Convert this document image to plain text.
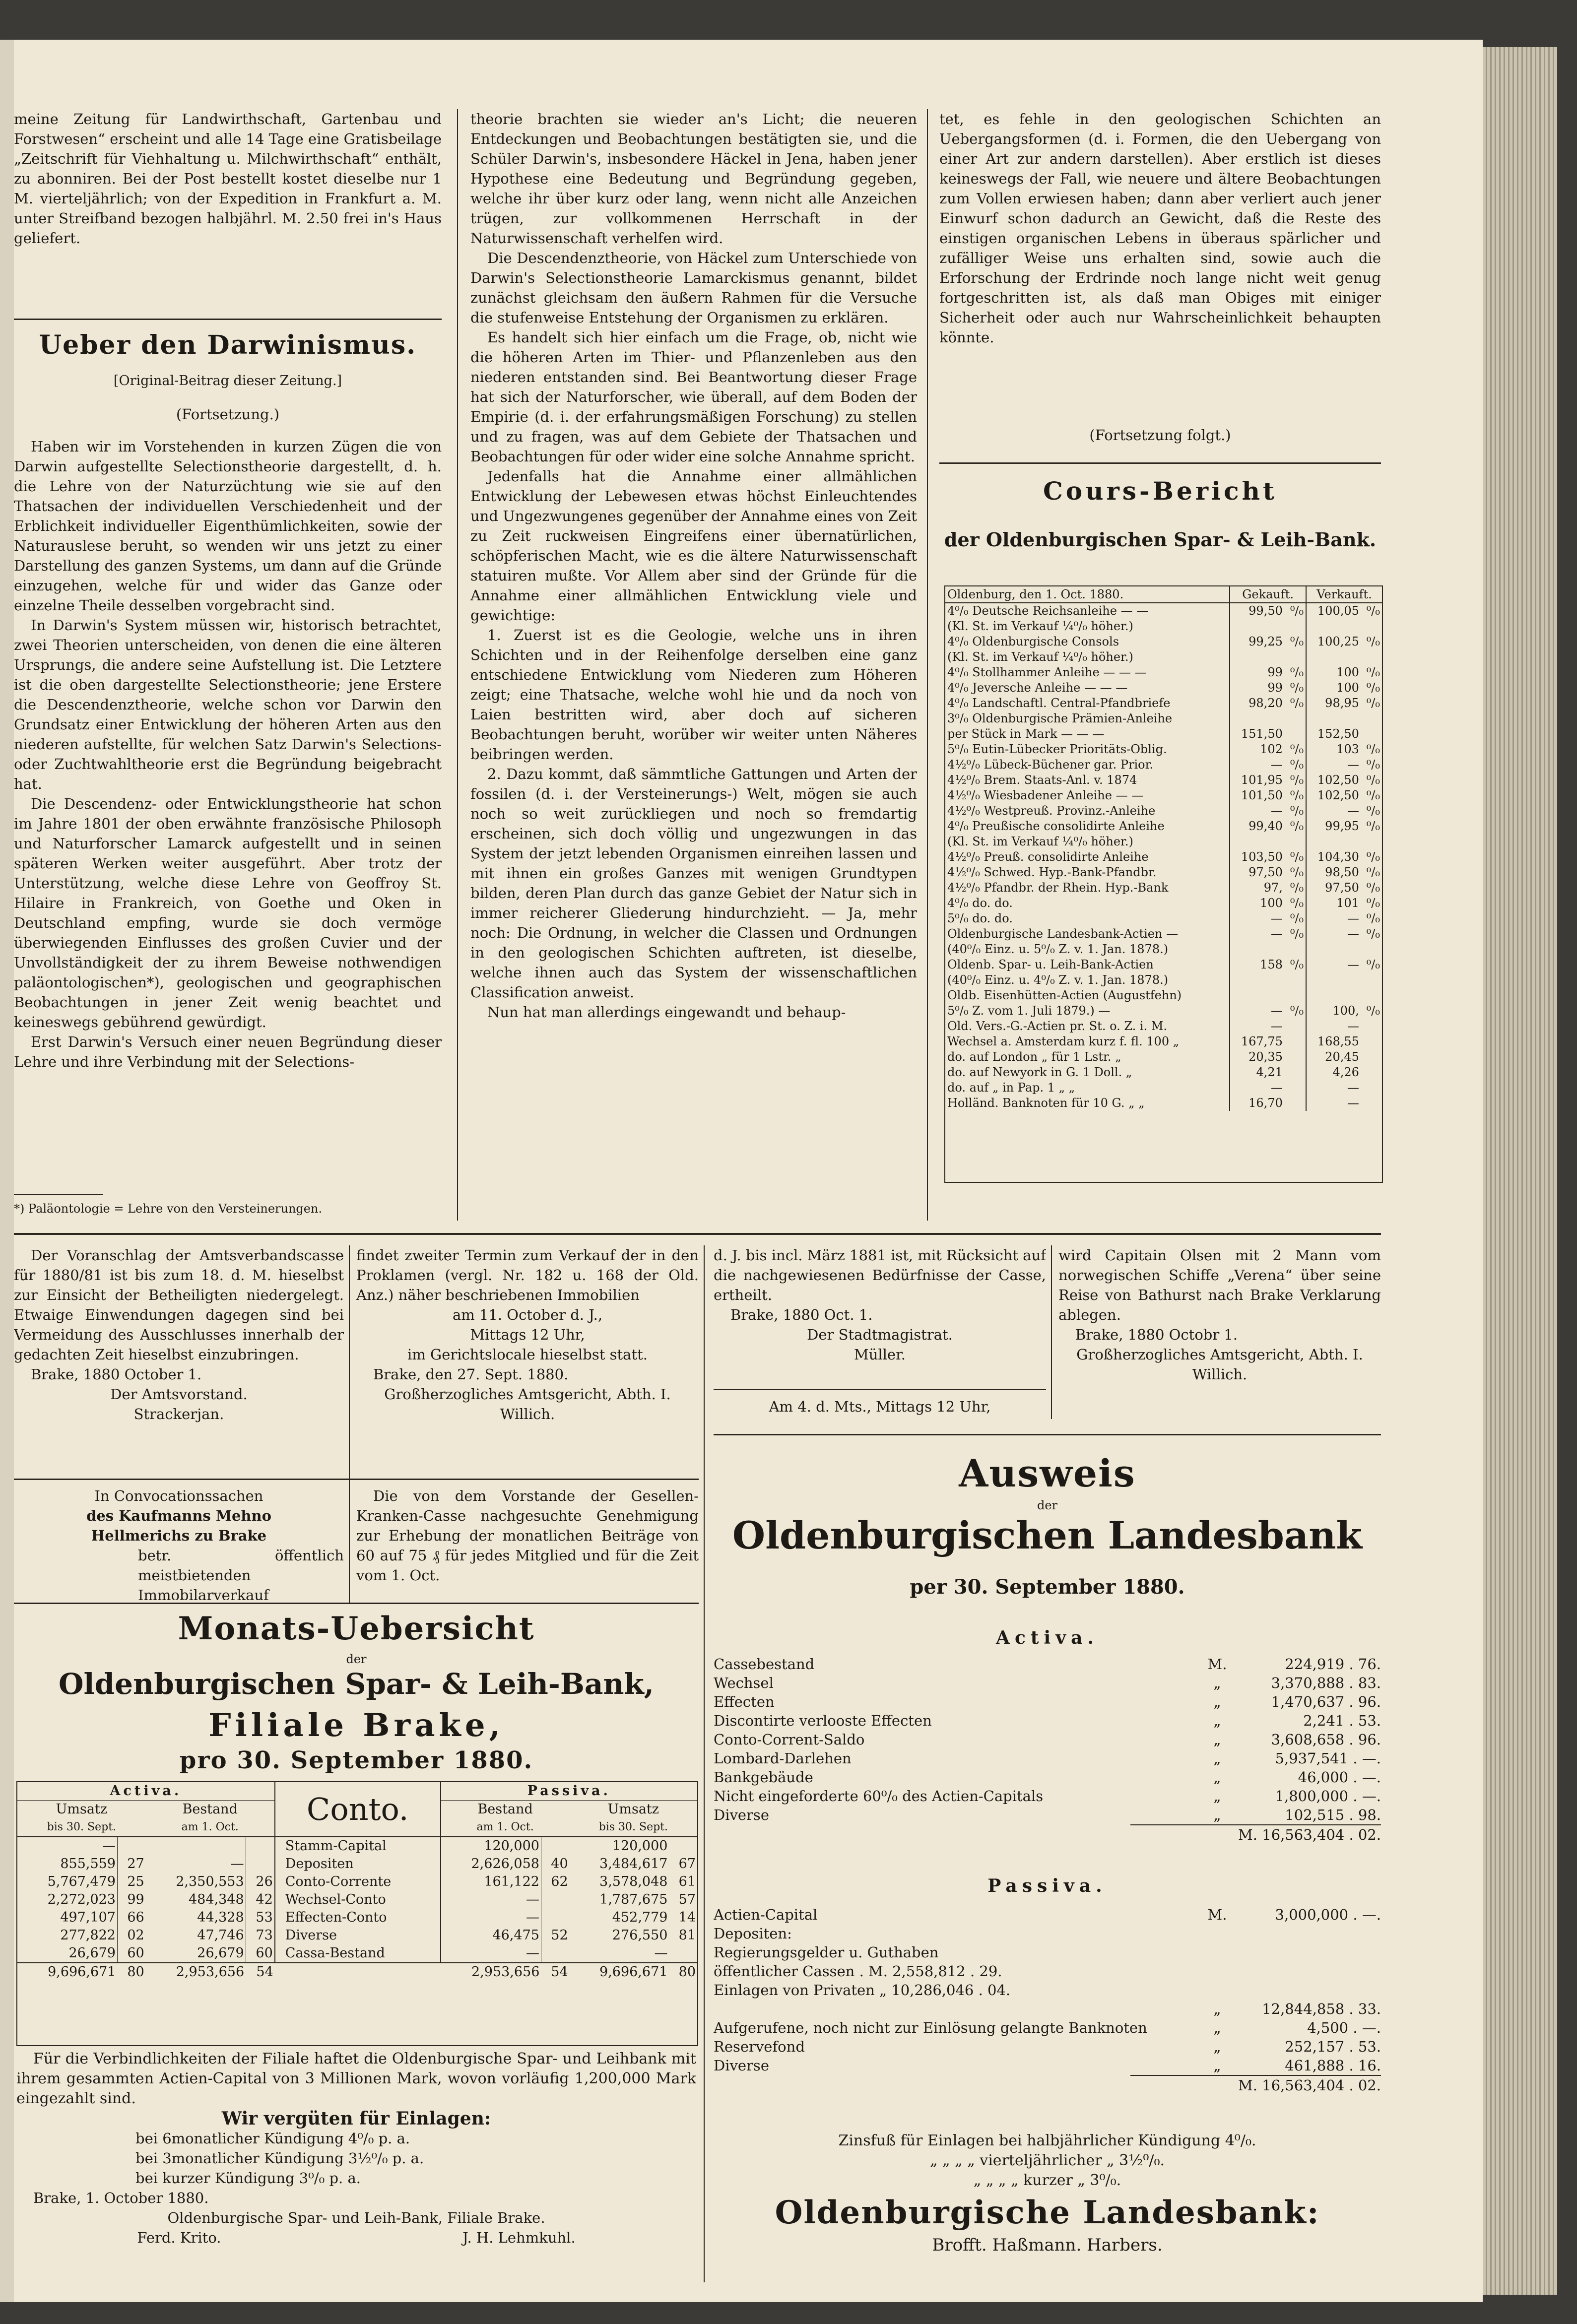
meine Zeitung für Landwirthschaft, Gartenbau und Forstwesen“ erscheint und alle 14 Tage eine Gratisbeilage „Zeitschrift für Viehhaltung u. Milchwirthschaft“ enthält, zu abonniren. Bei der Post bestellt kostet dieselbe nur 1 M. vierteljährlich; von der Expedition in Frankfurt a. M. unter Streifband bezogen halbjährl. M. 2.50 frei in's Haus geliefert.

Ueber den Darwinismus.
[Original-Beitrag dieser Zeitung.]
(Fortsetzung.)

Haben wir im Vorstehenden in kurzen Zügen die von Darwin aufgestellte Selectionstheorie dargestellt, d. h. die Lehre von der Naturzüchtung wie sie auf den Thatsachen der individuellen Verschiedenheit und der Erblichkeit individueller Eigenthümlichkeiten, sowie der Naturauslese beruht, so wenden wir uns jetzt zu einer Darstellung des ganzen Systems, um dann auf die Gründe einzugehen, welche für und wider das Ganze oder einzelne Theile desselben vorgebracht sind.

In Darwin's System müssen wir, historisch betrachtet, zwei Theorien unterscheiden, von denen die eine älteren Ursprungs, die andere seine Aufstellung ist. Die Letztere ist die oben dargestellte Selectionstheorie; jene Erstere die Descendenztheorie, welche schon vor Darwin den Grundsatz einer Entwicklung der höheren Arten aus den niederen aufstellte, für welchen Satz Darwin's Selections- oder Zuchtwahltheorie erst die Begründung beigebracht hat.

Die Descendenz- oder Entwicklungstheorie hat schon im Jahre 1801 der oben erwähnte französische Philosoph und Naturforscher Lamarck aufgestellt und in seinen späteren Werken weiter ausgeführt. Aber trotz der Unterstützung, welche diese Lehre von Geoffroy St. Hilaire in Frankreich, von Goethe und Oken in Deutschland empfing, wurde sie doch vermöge überwiegenden Einflusses des großen Cuvier und der Unvollständigkeit der zu ihrem Beweise nothwendigen paläontologischen*), geologischen und geographischen Beobachtungen in jener Zeit wenig beachtet und keineswegs gebührend gewürdigt.

Erst Darwin's Versuch einer neuen Begründung dieser Lehre und ihre Verbindung mit der Selections-

*) Paläontologie = Lehre von den Versteinerungen.

theorie brachten sie wieder an's Licht; die neueren Entdeckungen und Beobachtungen bestätigten sie, und die Schüler Darwin's, insbesondere Häckel in Jena, haben jener Hypothese eine Bedeutung und Begründung gegeben, welche ihr über kurz oder lang, wenn nicht alle Anzeichen trügen, zur vollkommenen Herrschaft in der Naturwissenschaft verhelfen wird.

Die Descendenztheorie, von Häckel zum Unterschiede von Darwin's Selectionstheorie Lamarckismus genannt, bildet zunächst gleichsam den äußern Rahmen für die Versuche die stufenweise Entstehung der Organismen zu erklären.

Es handelt sich hier einfach um die Frage, ob, nicht wie die höheren Arten im Thier- und Pflanzenleben aus den niederen entstanden sind. Bei Beantwortung dieser Frage hat sich der Naturforscher, wie überall, auf dem Boden der Empirie (d. i. der erfahrungsmäßigen Forschung) zu stellen und zu fragen, was auf dem Gebiete der Thatsachen und Beobachtungen für oder wider eine solche Annahme spricht.

Jedenfalls hat die Annahme einer allmählichen Entwicklung der Lebewesen etwas höchst Einleuchtendes und Ungezwungenes gegenüber der Annahme eines von Zeit zu Zeit ruckweisen Eingreifens einer übernatürlichen, schöpferischen Macht, wie es die ältere Naturwissenschaft statuiren mußte. Vor Allem aber sind der Gründe für die Annahme einer allmählichen Entwicklung viele und gewichtige:

1. Zuerst ist es die Geologie, welche uns in ihren Schichten und in der Reihenfolge derselben eine ganz entschiedene Entwicklung vom Niederen zum Höheren zeigt; eine Thatsache, welche wohl hie und da noch von Laien bestritten wird, aber doch auf sicheren Beobachtungen beruht, worüber wir weiter unten Näheres beibringen werden.

2. Dazu kommt, daß sämmtliche Gattungen und Arten der fossilen (d. i. der Versteinerungs-) Welt, mögen sie auch noch so weit zurückliegen und noch so fremdartig erscheinen, sich doch völlig und ungezwungen in das System der jetzt lebenden Organismen einreihen lassen und mit ihnen ein großes Ganzes mit wenigen Grundtypen bilden, deren Plan durch das ganze Gebiet der Natur sich in immer reicherer Gliederung hindurchzieht. — Ja, mehr noch: Die Ordnung, in welcher die Classen und Ordnungen in den geologischen Schichten auftreten, ist dieselbe, welche ihnen auch das System der wissenschaftlichen Classification anweist.

Nun hat man allerdings eingewandt und behaup-

tet, es fehle in den geologischen Schichten an Uebergangsformen (d. i. Formen, die den Uebergang von einer Art zur andern darstellen). Aber erstlich ist dieses keineswegs der Fall, wie neuere und ältere Beobachtungen zum Vollen erwiesen haben; dann aber verliert auch jener Einwurf schon dadurch an Gewicht, daß die Reste des einstigen organischen Lebens in überaus spärlicher und zufälliger Weise uns erhalten sind, sowie auch die Erforschung der Erdrinde noch lange nicht weit genug fortgeschritten ist, als daß man Obiges mit einiger Sicherheit oder auch nur Wahrscheinlichkeit behaupten könnte.

(Fortsetzung folgt.)
Cours-Bericht
der Oldenburgischen Spar- & Leih-Bank.
Oldenburg, den 1. Oct. 1880.	Gekauft.		Verkauft.	
4⁰/₀ Deutsche Reichsanleihe — —	99,50	⁰/₀	100,05	⁰/₀
(Kl. St. im Verkauf ¼⁰/₀ höher.)				
4⁰/₀ Oldenburgische Consols	99,25	⁰/₀	100,25	⁰/₀
(Kl. St. im Verkauf ¼⁰/₀ höher.)				
4⁰/₀ Stollhammer Anleihe — — —	99	⁰/₀	100	⁰/₀
4⁰/₀ Jeversche Anleihe — — —	99	⁰/₀	100	⁰/₀
4⁰/₀ Landschaftl. Central-Pfandbriefe	98,20	⁰/₀	98,95	⁰/₀
3⁰/₀ Oldenburgische Prämien-Anleihe				
per Stück in Mark — — —	151,50		152,50	
5⁰/₀ Eutin-Lübecker Prioritäts-Oblig.	102	⁰/₀	103	⁰/₀
4½⁰/₀ Lübeck-Büchener gar. Prior.	—	⁰/₀	—	⁰/₀
4½⁰/₀ Brem. Staats-Anl. v. 1874	101,95	⁰/₀	102,50	⁰/₀
4½⁰/₀ Wiesbadener Anleihe — —	101,50	⁰/₀	102,50	⁰/₀
4½⁰/₀ Westpreuß. Provinz.-Anleihe	—	⁰/₀	—	⁰/₀
4⁰/₀ Preußische consolidirte Anleihe	99,40	⁰/₀	99,95	⁰/₀
(Kl. St. im Verkauf ¼⁰/₀ höher.)				
4½⁰/₀ Preuß. consolidirte Anleihe	103,50	⁰/₀	104,30	⁰/₀
4½⁰/₀ Schwed. Hyp.-Bank-Pfandbr.	97,50	⁰/₀	98,50	⁰/₀
4½⁰/₀ Pfandbr. der Rhein. Hyp.-Bank	97,	⁰/₀	97,50	⁰/₀
4⁰/₀ do. do.	100	⁰/₀	101	⁰/₀
5⁰/₀ do. do.	—	⁰/₀	—	⁰/₀
Oldenburgische Landesbank-Actien —	—	⁰/₀	—	⁰/₀
(40⁰/₀ Einz. u. 5⁰/₀ Z. v. 1. Jan. 1878.)				
Oldenb. Spar- u. Leih-Bank-Actien	158	⁰/₀	—	⁰/₀
(40⁰/₀ Einz. u. 4⁰/₀ Z. v. 1. Jan. 1878.)				
Oldb. Eisenhütten-Actien (Augustfehn)				
5⁰/₀ Z. vom 1. Juli 1879.) —	—	⁰/₀	100,	⁰/₀
Old. Vers.-G.-Actien pr. St. o. Z. i. M.	—		—	
Wechsel a. Amsterdam kurz f. fl. 100 „	167,75		168,55	
do. auf London „ für 1 Lstr. „	20,35		20,45	
do. auf Newyork in G. 1 Doll. „	4,21		4,26	
do. auf „ in Pap. 1 „ „	—		—	
Holländ. Banknoten für 10 G. „ „	16,70		—	

Der Voranschlag der Amtsverbandscasse für 1880/81 ist bis zum 18. d. M. hieselbst zur Einsicht der Betheiligten niedergelegt. Etwaige Einwendungen dagegen sind bei Vermeidung des Ausschlusses innerhalb der gedachten Zeit hieselbst einzubringen.

Brake, 1880 October 1.

Der Amtsvorstand.
Strackerjan.

findet zweiter Termin zum Verkauf der in den Proklamen (vergl. Nr. 182 u. 168 der Old. Anz.) näher beschriebenen Immobilien

am 11. October d. J.,
Mittags 12 Uhr,
im Gerichtslocale hieselbst statt.

Brake, den 27. Sept. 1880.

Großherzogliches Amtsgericht, Abth. I.
Willich.

d. J. bis incl. März 1881 ist, mit Rücksicht auf die nachgewiesenen Bedürfnisse der Casse, ertheilt.

Brake, 1880 Oct. 1.

Der Stadtmagistrat.
Müller.
Am 4. d. Mts., Mittags 12 Uhr,

wird Capitain Olsen mit 2 Mann vom norwegischen Schiffe „Verena“ über seine Reise von Bathurst nach Brake Verklarung ablegen.

Brake, 1880 Octobr 1.

Großherzogliches Amtsgericht, Abth. I.
Willich.
In Convocationssachen
des Kaufmanns Mehno
Hellmerichs zu Brake
betr. öffentlich meistbietenden Immobilarverkauf

Die von dem Vorstande der Gesellen-Kranken-Casse nachgesuchte Genehmigung zur Erhebung der monatlichen Beiträge von 60 auf 75 ₰ für jedes Mitglied und für die Zeit vom 1. Oct.

Monats-Uebersicht
der
Oldenburgischen Spar- & Leih-Bank,
Filiale Brake,
pro 30. September 1880.
Activa.				Conto.	Passiva.			
Umsatz		Bestand			Bestand		Umsatz	
bis 30. Sept.		am 1. Oct.			am 1. Oct.		bis 30. Sept.	
—				Stamm-Capital	120,000		120,000	
855,559	27	—		Depositen	2,626,058	40	3,484,617	67
5,767,479	25	2,350,553	26	Conto-Corrente	161,122	62	3,578,048	61
2,272,023	99	484,348	42	Wechsel-Conto	—		1,787,675	57
497,107	66	44,328	53	Effecten-Conto	—		452,779	14
277,822	02	47,746	73	Diverse	46,475	52	276,550	81
26,679	60	26,679	60	Cassa-Bestand	—		—	
9,696,671	80	2,953,656	54		2,953,656	54	9,696,671	80

Für die Verbindlichkeiten der Filiale haftet die Oldenburgische Spar- und Leihbank mit ihrem gesammten Actien-Capital von 3 Millionen Mark, wovon vorläufig 1,200,000 Mark eingezahlt sind.

Wir vergüten für Einlagen:
bei 6monatlicher Kündigung 4⁰/₀ p. a.
bei 3monatlicher Kündigung 3½⁰/₀ p. a.
bei kurzer Kündigung 3⁰/₀ p. a.

Brake, 1. October 1880.

Oldenburgische Spar- und Leih-Bank, Filiale Brake.
Ferd. Krito.	J. H. Lehmkuhl.
Ausweis
der
Oldenburgischen Landesbank
per 30. September 1880.
Activa.
Cassebestand	M.	224,919 . 76.
Wechsel	„	3,370,888 . 83.
Effecten	„	1,470,637 . 96.
Discontirte verlooste Effecten	„	2,241 . 53.
Conto-Corrent-Saldo	„	3,608,658 . 96.
Lombard-Darlehen	„	5,937,541 . —.
Bankgebäude	„	46,000 . —.
Nicht eingeforderte 60⁰/₀ des Actien-Capitals	„	1,800,000 . —.
Diverse	„	102,515 . 98.
M. 16,563,404 . 02.
Passiva.
Actien-Capital	M.	3,000,000 . —.
Depositen:
Regierungsgelder u. Guthaben
öffentlicher Cassen . M. 2,558,812 . 29.
Einlagen von Privaten „ 10,286,046 . 04.
„	12,844,858 . 33.
Aufgerufene, noch nicht zur Einlösung gelangte Banknoten	„	4,500 . —.
Reservefond	„	252,157 . 53.
Diverse	„	461,888 . 16.
M. 16,563,404 . 02.
Zinsfuß für Einlagen bei halbjährlicher Kündigung 4⁰/₀.
„ „ „ „ vierteljährlicher „ 3½⁰/₀.
„ „ „ „ kurzer „ 3⁰/₀.
Oldenburgische Landesbank:
Brofft. Haßmann. Harbers.
